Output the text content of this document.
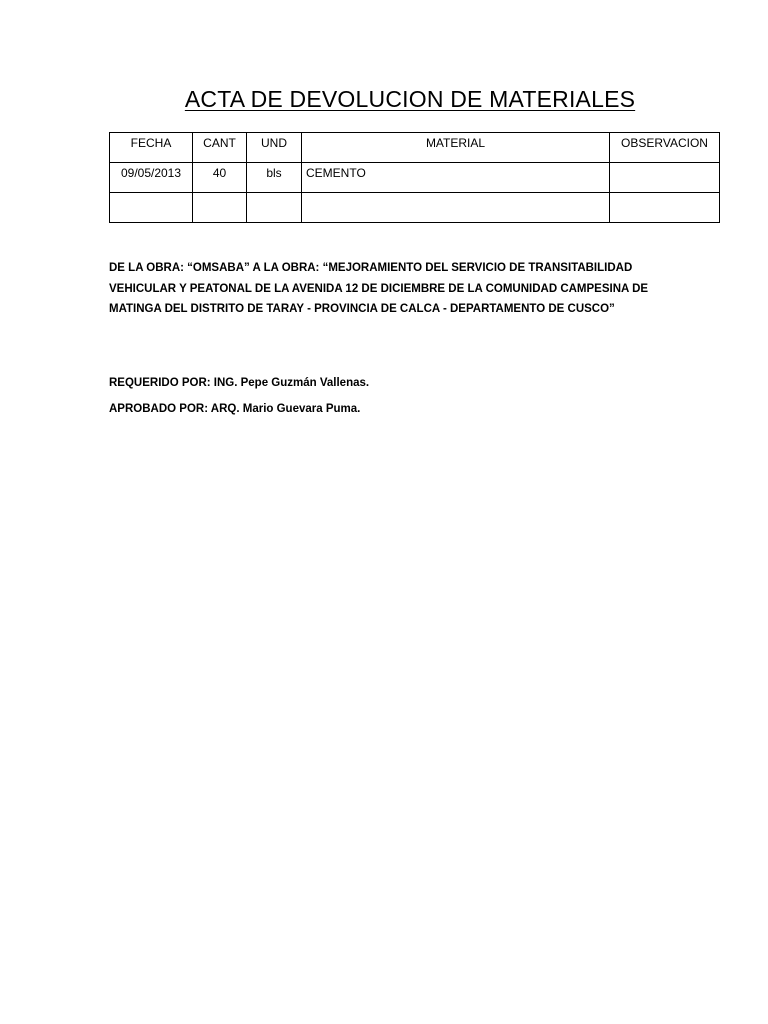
ACTA DE DEVOLUCION DE MATERIALES
FECHA	CANT	UND	MATERIAL	OBSERVACION
09/05/2013	40	bls	CEMENTO	

DE LA OBRA: “OMSABA” A LA OBRA: “MEJORAMIENTO DEL SERVICIO DE TRANSITABILIDAD VEHICULAR Y PEATONAL DE LA AVENIDA 12 DE DICIEMBRE DE LA COMUNIDAD CAMPESINA DE MATINGA DEL DISTRITO DE TARAY - PROVINCIA DE CALCA - DEPARTAMENTO DE CUSCO”

REQUERIDO POR: ING. Pepe Guzmán Vallenas.

APROBADO POR: ARQ. Mario Guevara Puma.
